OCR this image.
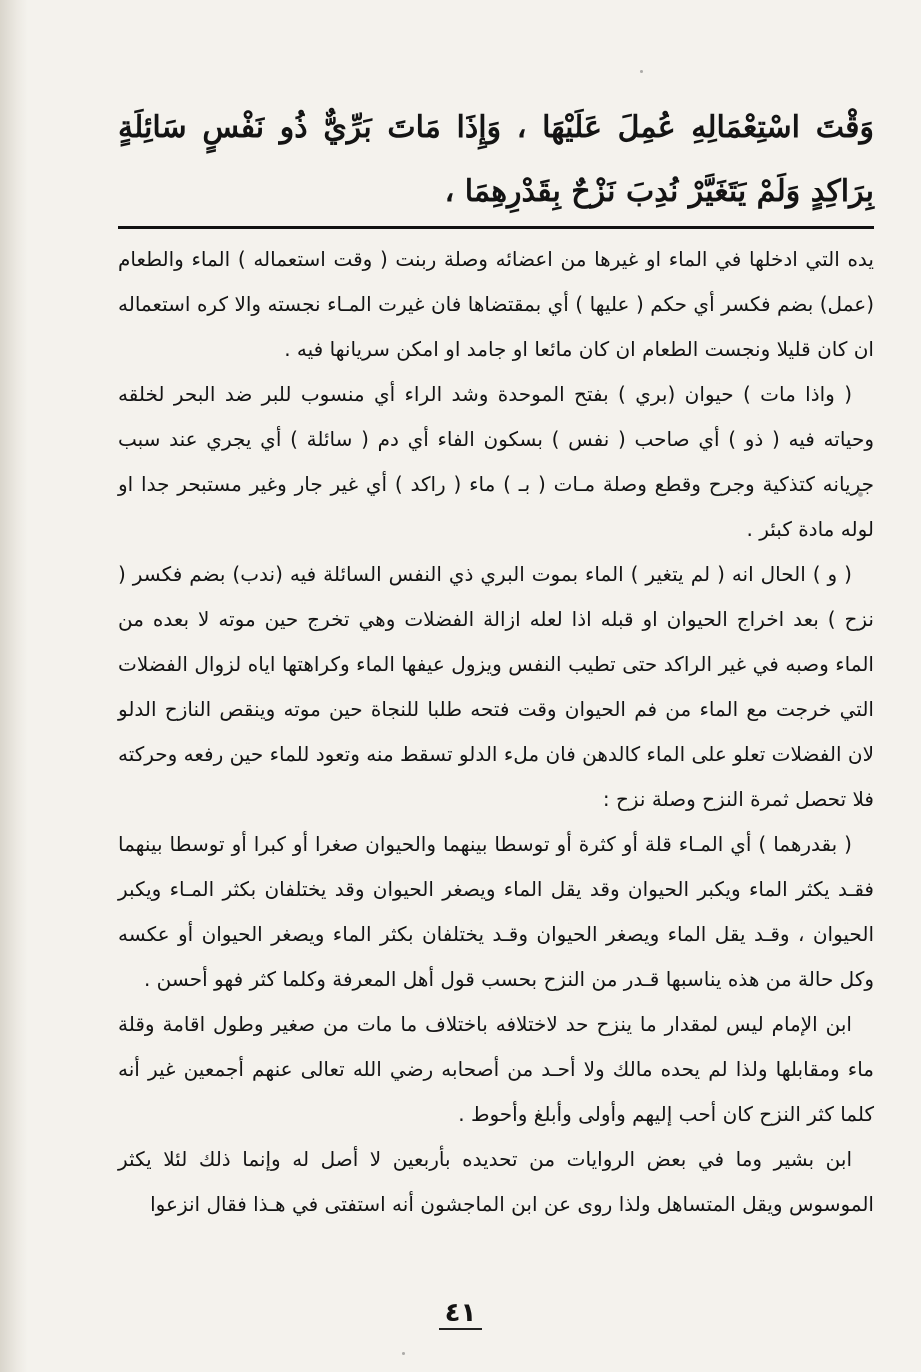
وَقْتَ اسْتِعْمَالِهِ عُمِلَ عَلَيْهَا ، وَإِذَا مَاتَ بَرِّيٌّ ذُو نَفْسٍ سَائِلَةٍ بِرَاكِدٍ وَلَمْ يَتَغَيَّرْ نُدِبَ نَزْحٌ بِقَدْرِهِمَا ،

يده التي ادخلها في الماء او غيرها من اعضائه وصلة ربنت ( وقت استعماله ) الماء والطعام (عمل) بضم فكسر أي حكم ( عليها ) أي بمقتضاها فان غيرت المـاء نجسته والا كره استعماله ان كان قليلا ونجست الطعام ان كان مائعا او جامد او امكن سريانها فيه .

( واذا مات ) حيوان (بري ) بفتح الموحدة وشد الراء أي منسوب للبر ضد البحر لخلقه وحياته فيه ( ذو ) أي صاحب ( نفس ) بسكون الفاء أي دم ( سائلة ) أي يجري عند سبب جريانه كتذكية وجرح وقطع وصلة مـات ( بـ ) ماء ( راكد ) أي غير جار وغير مستبحر جدا او لوله مادة كبئر .

( و ) الحال انه ( لم يتغير ) الماء بموت البري ذي النفس السائلة فيه (ندب) بضم فكسر ( نزح ) بعد اخراج الحيوان او قبله اذا لعله ازالة الفضلات وهي تخرج حين موته لا بعده من الماء وصبه في غير الراكد حتى تطيب النفس ويزول عيفها الماء وكراهتها اياه لزوال الفضلات التي خرجت مع الماء من فم الحيوان وقت فتحه طلبا للنجاة حين موته وينقص النازح الدلو لان الفضلات تعلو على الماء كالدهن فان ملء الدلو تسقط منه وتعود للماء حين رفعه وحركته فلا تحصل ثمرة النزح وصلة نزح :

( بقدرهما ) أي المـاء قلة أو كثرة أو توسطا بينهما والحيوان صغرا أو كبرا أو توسطا بينهما فقـد يكثر الماء ويكبر الحيوان وقد يقل الماء ويصغر الحيوان وقد يختلفان بكثر المـاء ويكبر الحيوان ، وقـد يقل الماء ويصغر الحيوان وقـد يختلفان بكثر الماء ويصغر الحيوان أو عكسه وكل حالة من هذه يناسبها قـدر من النزح بحسب قول أهل المعرفة وكلما كثر فهو أحسن .

ابن الإمام ليس لمقدار ما ينزح حد لاختلافه باختلاف ما مات من صغير وطول اقامة وقلة ماء ومقابلها ولذا لم يحده مالك ولا أحـد من أصحابه رضي الله تعالى عنهم أجمعين غير أنه كلما كثر النزح كان أحب إليهم وأولى وأبلغ وأحوط .

ابن بشير وما في بعض الروايات من تحديده بأربعين لا أصل له وإنما ذلك لئلا يكثر الموسوس ويقل المتساهل ولذا روى عن ابن الماجشون أنه استفتى في هـذا فقال انزعوا

٤١
